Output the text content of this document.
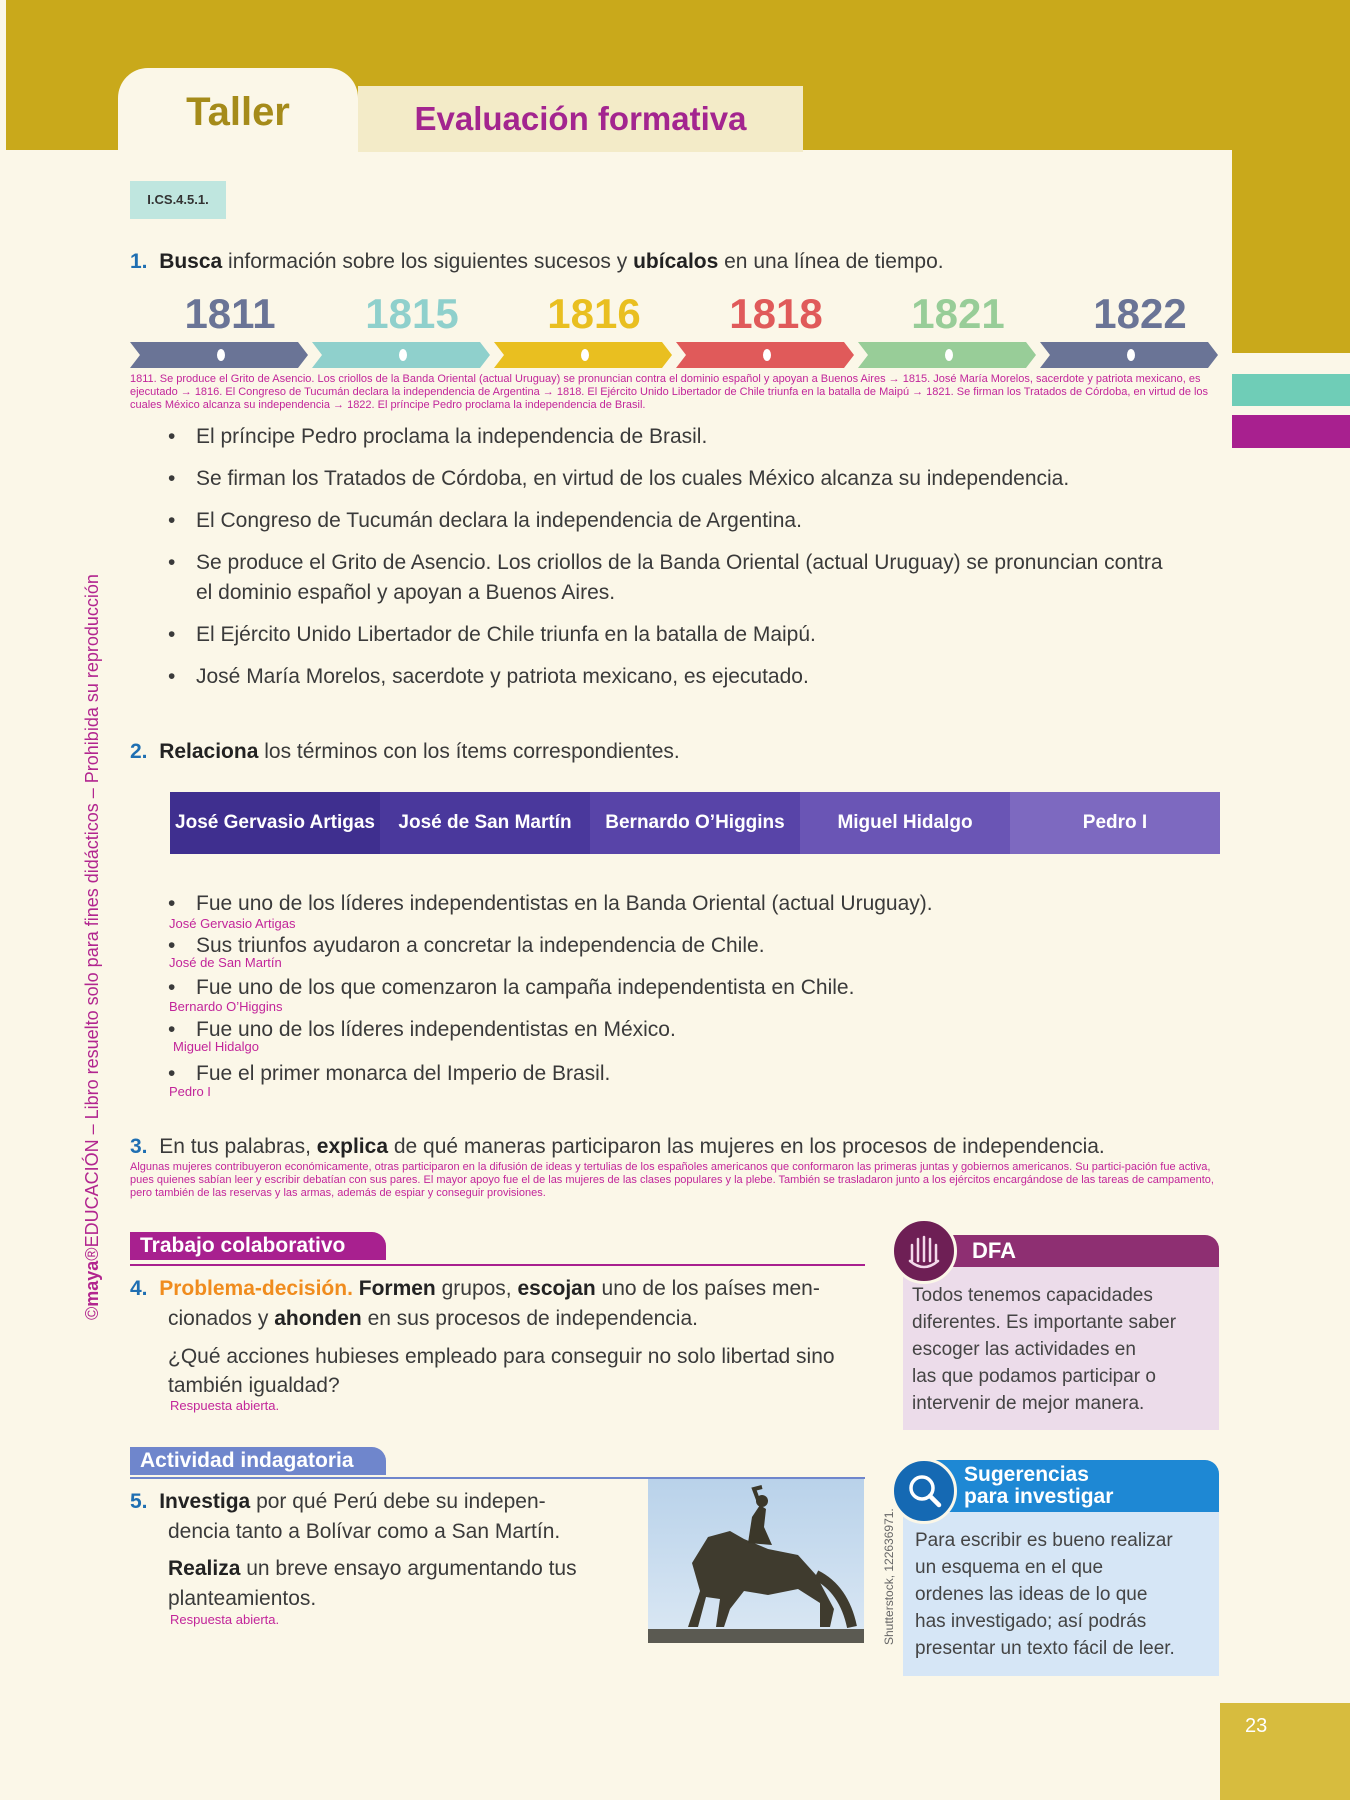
Taller	Evaluación formativa
I.CS.4.5.1.
©maya®EDUCACIÓN – Libro resuelto solo para fines didácticos – Prohibida su reproducción
1. Busca información sobre los siguientes sucesos y ubícalos en una línea de tiempo.
1811	1815	1816	1818	1821	1822
1811. Se produce el Grito de Asencio. Los criollos de la Banda Oriental (actual Uruguay) se pronuncian contra el dominio español y apoyan a Buenos Aires → 1815. José María Morelos, sacerdote y patriota mexicano, es ejecutado → 1816. El Congreso de Tucumán declara la independencia de Argentina → 1818. El Ejército Unido Libertador de Chile triunfa en la batalla de Maipú → 1821. Se firman los Tratados de Córdoba, en virtud de los cuales México alcanza su independencia → 1822. El príncipe Pedro proclama la independencia de Brasil.
• El príncipe Pedro proclama la independencia de Brasil.
• Se firman los Tratados de Córdoba, en virtud de los cuales México alcanza su independencia.
• El Congreso de Tucumán declara la independencia de Argentina.
• Se produce el Grito de Asencio. Los criollos de la Banda Oriental (actual Uruguay) se pronuncian contra
el dominio español y apoyan a Buenos Aires.
• El Ejército Unido Libertador de Chile triunfa en la batalla de Maipú.
• José María Morelos, sacerdote y patriota mexicano, es ejecutado.
2. Relaciona los términos con los ítems correspondientes.
José Gervasio Artigas	José de San Martín	Bernardo O’Higgins	Miguel Hidalgo	Pedro I
• Fue uno de los líderes independentistas en la Banda Oriental (actual Uruguay).
José Gervasio Artigas
• Sus triunfos ayudaron a concretar la independencia de Chile.
José de San Martín
• Fue uno de los que comenzaron la campaña independentista en Chile.
Bernardo O’Higgins
• Fue uno de los líderes independentistas en México.
Miguel Hidalgo
• Fue el primer monarca del Imperio de Brasil.
Pedro I
3. En tus palabras, explica de qué maneras participaron las mujeres en los procesos de independencia.
Algunas mujeres contribuyeron económicamente, otras participaron en la difusión de ideas y tertulias de los españoles americanos que conformaron las primeras juntas y gobiernos americanos. Su partici-pación fue activa, pues quienes sabían leer y escribir debatían con sus pares. El mayor apoyo fue el de las mujeres de las clases populares y la plebe. También se trasladaron junto a los ejércitos encargándose de las tareas de campamento, pero también de las reservas y las armas, además de espiar y conseguir provisiones.
Trabajo colaborativo
4. Problema-decisión. Formen grupos, escojan uno de los países men-
cionados y ahonden en sus procesos de independencia.
¿Qué acciones hubieses empleado para conseguir no solo libertad sino
también igualdad?
Respuesta abierta.
DFA
Todos tenemos capacidades
diferentes. Es importante saber
escoger las actividades en
las que podamos participar o
intervenir de mejor manera.
Actividad indagatoria
5. Investiga por qué Perú debe su indepen-
dencia tanto a Bolívar como a San Martín.
Realiza un breve ensayo argumentando tus
planteamientos.
Respuesta abierta.	Shutterstock, 122636971.
Sugerencias
para investigar
Para escribir es bueno realizar
un esquema en el que
ordenes las ideas de lo que
has investigado; así podrás
presentar un texto fácil de leer.
23
